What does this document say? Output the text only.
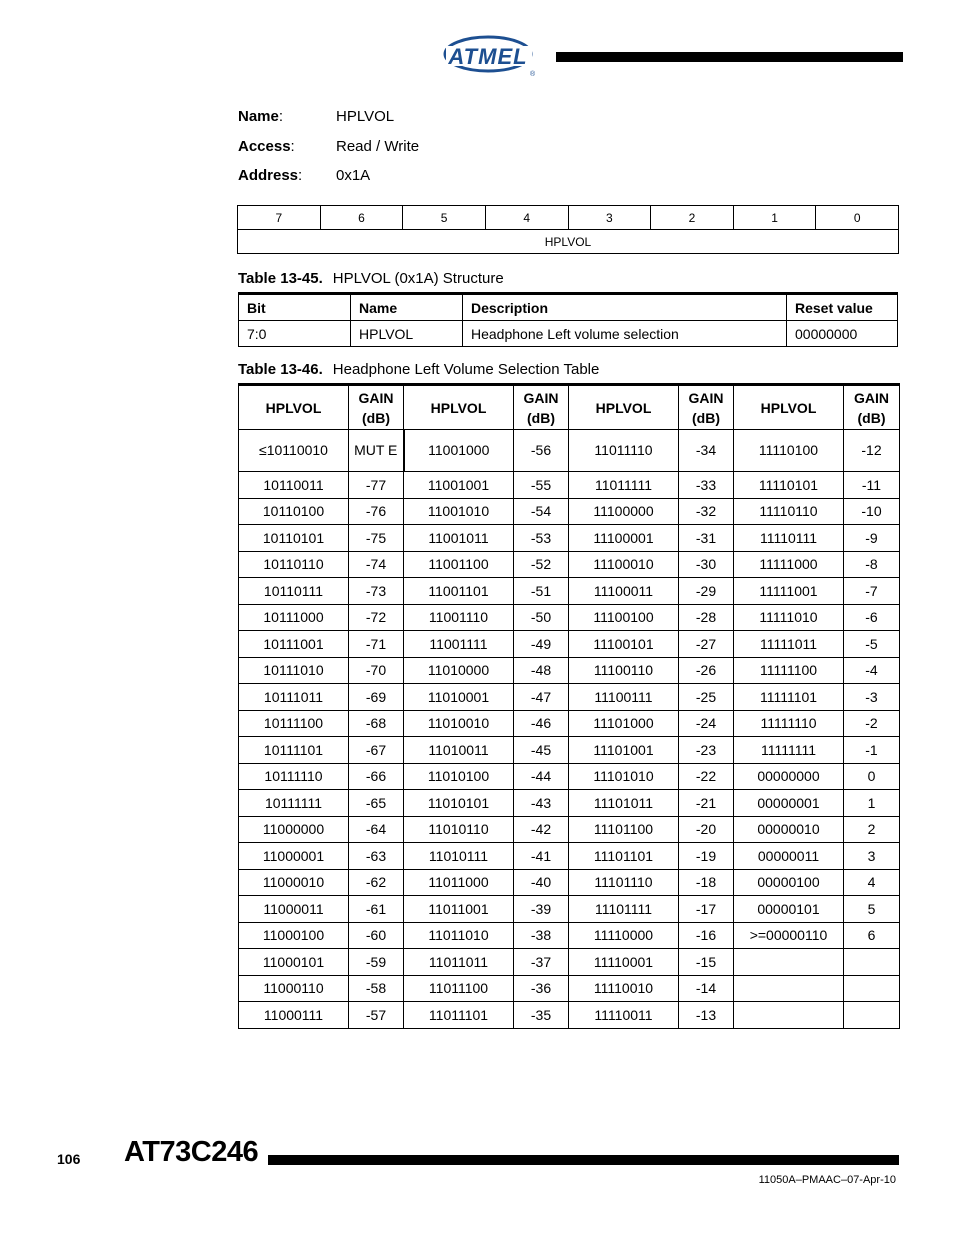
ATMEL
®
Name:	HPLVOL
Access:	Read / Write
Address: 0x1A
7	6	5	4	3	2	1	0
HPLVOL
Table 13-45. HPLVOL (0x1A) Structure
Bit	Name	Description	Reset value
7:0	HPLVOL	Headphone Left volume selection	00000000
Table 13-46. Headphone Left Volume Selection Table
HPLVOL	GAIN (dB)	HPLVOL	GAIN (dB)	HPLVOL	GAIN (dB)	HPLVOL	GAIN (dB)
≤10110010	MUT E	11001000	-56	11011110	-34	11110100	-12
10110011	-77	11001001	-55	11011111	-33	11110101	-11
10110100	-76	11001010	-54	11100000	-32	11110110	-10
10110101	-75	11001011	-53	11100001	-31	11110111	-9
10110110	-74	11001100	-52	11100010	-30	11111000	-8
10110111	-73	11001101	-51	11100011	-29	11111001	-7
10111000	-72	11001110	-50	11100100	-28	11111010	-6
10111001	-71	11001111	-49	11100101	-27	11111011	-5
10111010	-70	11010000	-48	11100110	-26	11111100	-4
10111011	-69	11010001	-47	11100111	-25	11111101	-3
10111100	-68	11010010	-46	11101000	-24	11111110	-2
10111101	-67	11010011	-45	11101001	-23	11111111	-1
10111110	-66	11010100	-44	11101010	-22	00000000	0
10111111	-65	11010101	-43	11101011	-21	00000001	1
11000000	-64	11010110	-42	11101100	-20	00000010	2
11000001	-63	11010111	-41	11101101	-19	00000011	3
11000010	-62	11011000	-40	11101110	-18	00000100	4
11000011	-61	11011001	-39	11101111	-17	00000101	5
11000100	-60	11011010	-38	11110000	-16	>=00000110	6
11000101	-59	11011011	-37	11110001	-15		
11000110	-58	11011100	-36	11110010	-14		
11000111	-57	11011101	-35	11110011	-13		
106 AT73C246
11050A–PMAAC–07-Apr-10
